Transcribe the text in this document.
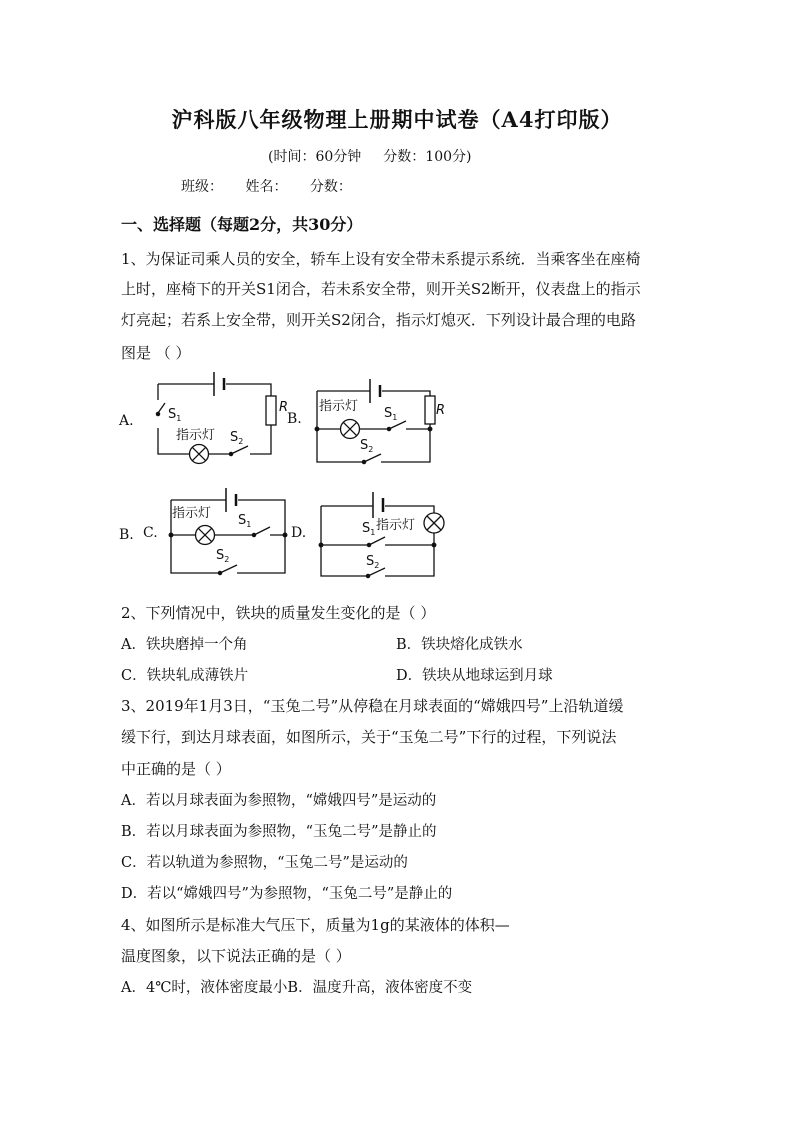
沪科版八年级物理上册期中试卷（A4打印版）
(时间：60分钟 分数：100分)
班级： 姓名： 分数：
一、选择题（每题2分，共30分）
1、为保证司乘人员的安全，轿车上设有安全带未系提示系统．当乘客坐在座椅
上时，座椅下的开关S1闭合，若未系安全带，则开关S2断开，仪表盘上的指示
灯亮起；若系上安全带，则开关S2闭合，指示灯熄灭．下列设计最合理的电路
图是 （ ）
A.	B.
B. C.	D.
$S_1$
指示灯 $S_2$
R 指示灯 $S_1$	R
$S_2$
指示灯 $S_1$
$S_2$
$S_1$ 指示灯
$S_2$
2、下列情况中，铁块的质量发生变化的是（ ）
A．铁块磨掉一个角	B．铁块熔化成铁水
C．铁块轧成薄铁片	D．铁块从地球运到月球
3、2019年1月3日，“玉兔二号”从停稳在月球表面的“嫦娥四号”上沿轨道缓
缓下行，到达月球表面，如图所示，关于“玉兔二号”下行的过程，下列说法
中正确的是（ ）
A．若以月球表面为参照物，“嫦娥四号”是运动的
B．若以月球表面为参照物，“玉兔二号”是静止的
C．若以轨道为参照物，“玉兔二号”是运动的
D．若以“嫦娥四号”为参照物，“玉兔二号”是静止的
4、如图所示是标准大气压下，质量为1g的某液体的体积—
温度图象，以下说法正确的是（ ）
A．4℃时，液体密度最小B．温度升高，液体密度不变
